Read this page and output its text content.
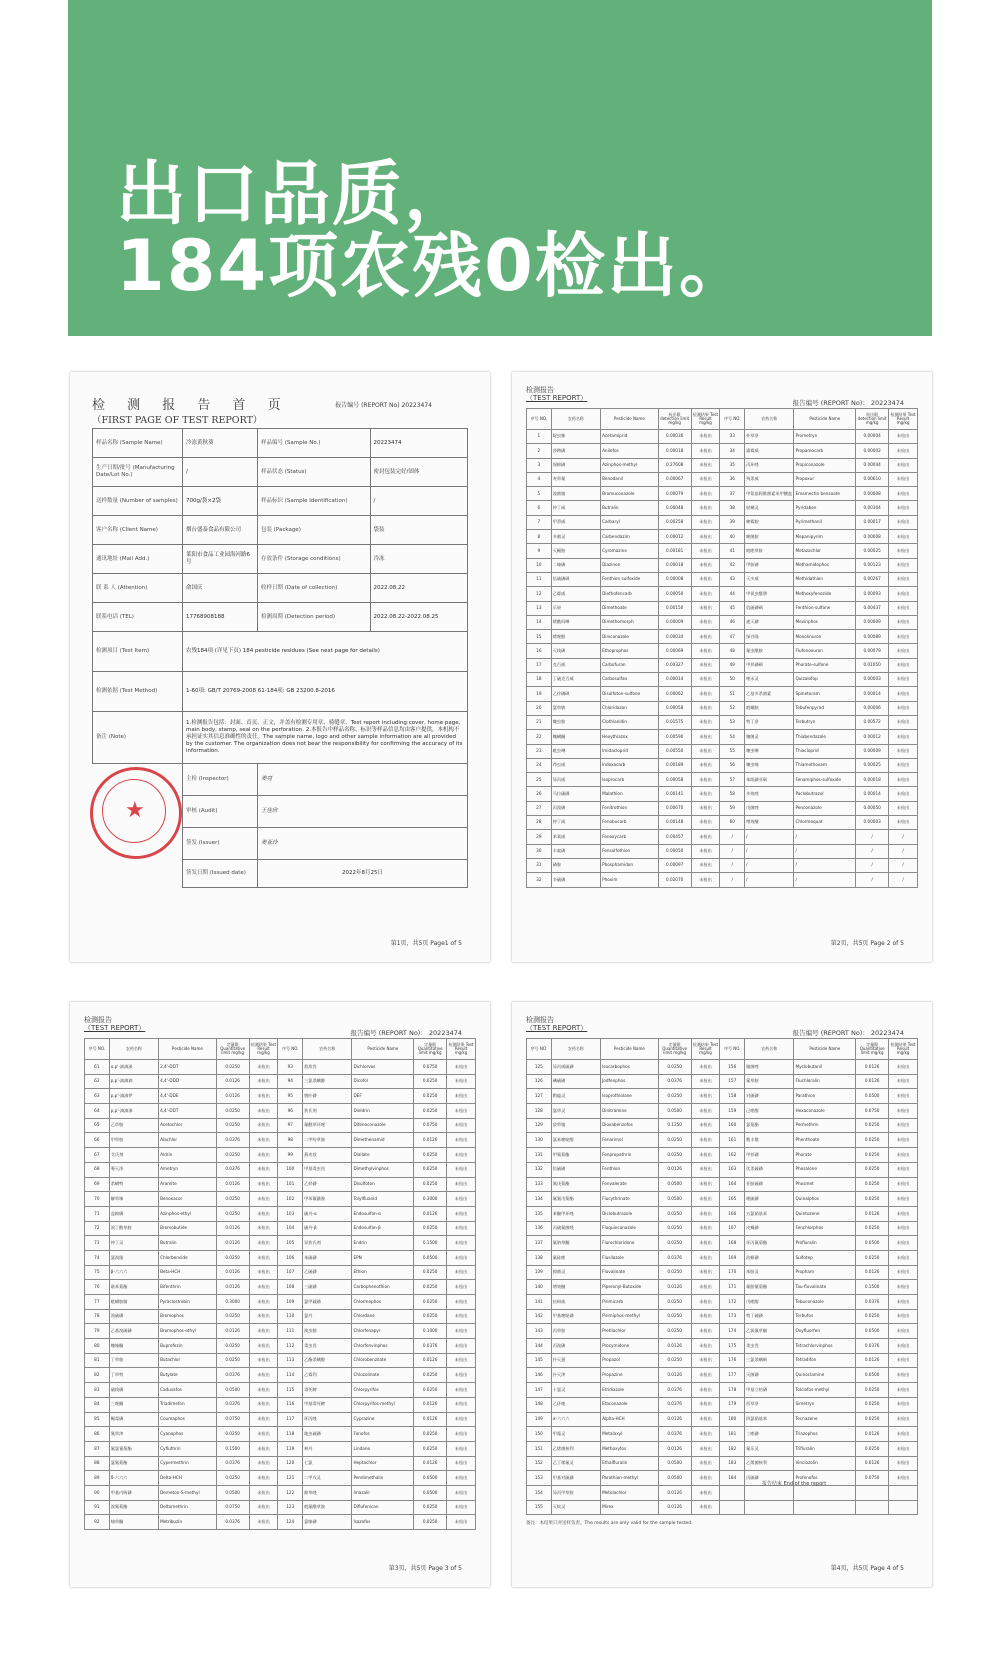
出口品质，
184项农残0检出。
检 测 报 告 首 页
（FIRST PAGE OF TEST REPORT）
报告编号 (REPORT No) 20223474
样品名称 (Sample Name)	冷冻黄秋葵	样品编号 (Sample No.)	20223474
生产日期/批号 (Manufacturing Date/Lot No.)	/	样品状态 (Status)	密封包装完好/固体
送样数量 (Number of samples)	700g/袋×2袋	样品标识 (Sample Identification)	/
客户名称 (Client Name)	烟台盛泰食品有限公司	包装 (Package)	袋装
通讯地址 (Mail Add.)	莱阳市食品工业园海河路6号	存放条件 (Storage conditions)	冷冻
联 系 人 (Attention)	俞国庆	收样日期 (Date of collection)	2022.08.22
联系电话 (TEL)	17768908188	检测周期 (Detection period)	2022.08.22-2022.08.25
检测项目 (Test Item)	农残184项 (详见下页) 184 pesticide residues (See next page for details)		
检测依据 (Test Method)	1-60项: GB/T 20769-2008 61-184项: GB 23200.8-2016		
备注 (Note)	1.检测报告包括：封面、首页、正文，并盖有检测专用章、骑缝章。Test report including:cover, home page, main body, stamp, seal on the perforation. 2.本报告中样品名称、标识等样品信息均由客户提供，本机构不承担证实其信息准确性的责任。The sample name, logo and other sample information are all provided by the customer. The organization does not bear the responsibility for confirming the accuracy of its information.		
	主检 (Inspector)	姜亮	
	审核 (Audit)	王佳欣	
	签发 (Issuer)	姜亚玲	
	签发日期 (Issued date)	2022年8月25日	
★
第1页，共5页 Page1 of 5
检测报告
（TEST REPORT）
报告编号 (REPORT No)： 20223474
序号 NO.	农药名称	Pesticide Name	检出限 detection limit mg/kg	检测结果 Test Result mg/kg	序号 NO.	农药名称	Pesticide Name	检出限 detection limit mg/kg	检测结果 Test Result mg/kg
1	啶虫脒	Acetamiprid	0.00036	未检出	33	扑草净	Prometryn	0.00004	未检出
2	莎稗磷	Anilofos	0.00018	未检出	34	霜霉威	Propamocarb	0.00002	未检出
3	保棉磷	Azinphos-methyl	0.27608	未检出	35	丙环唑	Propiconazole	0.00044	未检出
4	麦草氟	Benodanil	0.00067	未检出	36	残杀威	Propoxur	0.00610	未检出
5	溴菌腈	Bromuconazole	0.00079	未检出	37	甲氨基阿维菌素苯甲酸盐	Emamectin benzoate	0.00008	未检出
6	仲丁威	Butralin	0.00048	未检出	38	哒螨灵	Pyridaben	0.00304	未检出
7	甲萘威	Carbaryl	0.00258	未检出	39	嘧霉胺	Pyrimethanil	0.00017	未检出
8	多菌灵	Carbendazim	0.00012	未检出	40	嘧菌胺	Mepanipyrim	0.00008	未检出
9	灭蝇胺	Cyromazine	0.00181	未检出	41	吡唑草胺	Metazachlor	0.00025	未检出
10	二嗪磷	Diazinon	0.00018	未检出	42	甲胺磷	Methamidophos	0.00123	未检出
11	倍硫磷砜	Fenthion sulfoxide	0.00008	未检出	43	灭多威	Methidathion	0.00267	未检出
12	乙霉威	Diethofencarb	0.00050	未检出	44	甲氧虫酰肼	Methoxyfenozide	0.00093	未检出
13	乐果	Dimethoate	0.00150	未检出	45	倍硫磷砜	Fenthion-sulfone	0.00437	未检出
14	烯酰吗啉	Dimethomorph	0.00009	未检出	46	速灭磷	Mevinphos	0.00009	未检出
15	烯唑醇	Diniconazole	0.00034	未检出	47	绿谷隆	Monolinuron	0.00089	未检出
16	灭线磷	Ethoprophos	0.00069	未检出	48	氟虫酰胺	Flufenoxuron	0.00079	未检出
17	克百威	Carbofuran	0.00327	未检出	49	甲拌磷砜	Phorate-sulfone	0.01050	未检出
18	丁硫克百威	Carbosulfan	0.00014	未检出	50	喹禾灵	Quizalofop	0.00003	未检出
19	乙拌磷砜	Disulfoton-sulfone	0.00062	未检出	51	乙基多杀菌素	Spinetoram	0.00014	未检出
20	氯草敏	Chloridazon	0.00058	未检出	52	吡螨胺	Tebufenpyrad	0.00006	未检出
21	噻虫胺	Clothianidin	0.01575	未检出	53	特丁净	Terbutryn	0.00572	未检出
22	噻螨酮	Hexythiazox	0.00590	未检出	54	噻菌灵	Thiabendazole	0.00012	未检出
23	吡虫啉	Imidacloprid	0.00550	未检出	55	噻虫啉	Thiacloprid	0.00009	未检出
24	茚虫威	Indoxacarb	0.00189	未检出	56	噻虫嗪	Thiamethoxam	0.00025	未检出
25	异丙威	Isoprocarb	0.00058	未检出	57	苯线磷亚砜	Fenamiphos-sulfoxide	0.00018	未检出
26	马拉硫磷	Malathion	0.00141	未检出	58	多效唑	Paclobutrazol	0.00014	未检出
27	丙溴磷	Fenitrothion	0.00670	未检出	59	戊菌唑	Penconazole	0.00050	未检出
28	仲丁威	Fenobucarb	0.00148	未检出	60	增效醚	Chlormequat	0.00003	未检出
29	苯氧威	Fenoxycarb	0.00457	未检出	/	/	/	/	/
30	丰索磷	Fensulfothion	0.00050	未检出	/	/	/	/	/
31	磷胺	Phosphamidon	0.00097	未检出	/	/	/	/	/
32	辛硫磷	Phoxim	0.02070	未检出	/	/	/	/	/
第2页，共5页 Page 2 of 5
检测报告
（TEST REPORT）
报告编号 (REPORT No)： 20223474
序号 NO.	农药名称	Pesticide Name	定量限 Quantitative limit mg/kg	检测结果 Test Result mg/kg	序号 NO.	农药名称	Pesticide Name	定量限 Quantitative limit mg/kg	检测结果 Test Result mg/kg
61	o,p'-滴滴涕	2,4'-DDT	0.0250	未检出	93	敌敌畏	Dichlorvos	0.0750	未检出
62	p,p'-滴滴滴	4,4'-DDD	0.0126	未检出	94	三氯杀螨醇	Dicofol	0.0250	未检出
63	p,p'-滴滴伊	4,4'-DDE	0.0126	未检出	95	脱叶磷	DEF	0.0250	未检出
64	p,p'-滴滴涕	4,4'-DDT	0.0250	未检出	96	狄氏剂	Dieldrin	0.0250	未检出
65	乙草胺	Acetochlor	0.0250	未检出	97	氟酰草环唑	Difenoconazole	0.0750	未检出
66	甲草胺	Alachlor	0.0376	未检出	98	二甲吩草胺	Dimethenamid	0.0126	未检出
67	艾氏剂	Aldrin	0.0250	未检出	99	燕麦敌	Diallate	0.0250	未检出
68	莠灭净	Ametryn	0.0376	未检出	100	甲基毒虫畏	Dimethylvinphos	0.0250	未检出
69	杀螨特	Aramite	0.0126	未检出	101	乙拌磷	Disulfoton	0.0250	未检出
70	解草嗪	Benoxacor	0.0250	未检出	102	甲苯氟磺胺	Tolylfluanid	0.3000	未检出
71	益棉磷	Azinphos-ethyl	0.0250	未检出	103	硫丹-α	Endosulfan-α	0.0126	未检出
72	溴丁酰草胺	Bromobutide	0.0126	未检出	104	硫丹-β	Endosulfan-β	0.0250	未检出
73	仲丁灵	Butralin	0.0126	未检出	105	异狄氏剂	Endrin	0.1500	未检出
74	氯溴隆	Chlorbenside	0.0250	未检出	106	苯硫磷	EPN	0.0500	未检出
75	β-六六六	Beta-HCH	0.0126	未检出	107	乙硫磷	Ethion	0.0250	未检出
76	联苯菊酯	Bifenthrin	0.0126	未检出	108	三硫磷	Carbophenothion	0.0250	未检出
77	吡螨胺腈	Pyraclostrobin	0.3000	未检出	109	氯甲硫磷	Chlormephos	0.0250	未检出
78	溴硫磷	Bromophos	0.0250	未检出	110	氯丹	Chlordane	0.0250	未检出
79	乙基溴硫磷	Bromophos-ethyl	0.0126	未检出	111	溴虫腈	Chlorfenapyr	0.1000	未检出
80	噻嗪酮	Buprofezin	0.0250	未检出	112	毒虫畏	Chlorfenvinphos	0.0376	未检出
81	丁草胺	Butachlor	0.0250	未检出	113	乙酯杀螨醇	Chlorobenzilate	0.0126	未检出
82	丁草特	Butylate	0.0376	未检出	114	乙霉利	Chlozolinate	0.0250	未检出
83	硫线磷	Cadusafos	0.0500	未检出	115	毒死蜱	Chlorpyrifos	0.0250	未检出
84	三唑酮	Triadimefon	0.0376	未检出	116	甲基毒死蜱	Chlorpyrifos-methyl	0.0126	未检出
85	蝇毒磷	Coumaphos	0.0750	未检出	117	环丙唑	Cyprazine	0.0126	未检出
86	氰草津	Cyanophos	0.0250	未检出	118	地虫硫磷	Fonofos	0.0250	未检出
87	氟氯氰菊酯	Cyfluthrin	0.1500	未检出	119	林丹	Lindane	0.0250	未检出
88	氯氰菊酯	Cypermethrin	0.0376	未检出	120	七氯	Heptachlor	0.0126	未检出
89	δ-六六六	Delta-HCH	0.0250	未检出	121	二甲戊灵	Pendimethalin	0.0500	未检出
90	甲基内吸磷	Demeton-S-methyl	0.0500	未检出	122	抑草唑	Imazalil	0.0500	未检出
91	溴氰菊酯	Deltamethrin	0.0750	未检出	123	吡氟酰草胺	Diflufenican	0.0250	未检出
92	嗪草酮	Metribuzin	0.0376	未检出	124	氯嗪磷	Isazofos	0.0250	未检出
第3页，共5页 Page 3 of 5
检测报告
（TEST REPORT）
报告编号 (REPORT No)： 20223474
序号 NO.	农药名称	Pesticide Name	定量限 Quantitative limit mg/kg	检测结果 Test Result mg/kg	序号 NO.	农药名称	Pesticide Name	定量限 Quantitative limit mg/kg	检测结果 Test Result mg/kg
125	异丙威硫磷	Isocarbophos	0.0250	未检出	156	腈菌唑	Myclobutanil	0.0126	未检出
126	碘硫磷	Jodfenphos	0.0376	未检出	157	氟草胺	Fluchloralin	0.0126	未检出
127	稻瘟灵	Isoprothiolane	0.0250	未检出	158	对硫磷	Parathion	0.0500	未检出
128	氯草灵	Dinitramine	0.0500	未检出	159	己唑醇	Hexaconazole	0.0750	未检出
129	敌草腈	Dioxabenzofos	0.1250	未检出	160	氯菊酯	Permethrin	0.0250	未检出
130	氯苯嘧啶醇	Fenarimol	0.0250	未检出	161	稻丰散	Phenthoate	0.0250	未检出
131	甲氰菊酯	Fenpropathrin	0.0250	未检出	162	甲拌磷	Phorate	0.0250	未检出
132	倍硫磷	Fenthion	0.0126	未检出	163	伏杀硫磷	Phosalone	0.0250	未检出
133	氰戊菊酯	Fenvalerate	0.0500	未检出	164	亚胺硫磷	Phosmet	0.0250	未检出
134	氟氰戊菊酯	Flucythrinate	0.0500	未检出	165	喹硫磷	Quinalphos	0.0250	未检出
135	苯醚甲环唑	Diclobutrazole	0.0250	未检出	166	五氯硝基苯	Quintozene	0.0126	未检出
136	丙硫氟菌唑	Fluquinconazole	0.0250	未检出	167	皮蝇磷	Fenchlorphos	0.0250	未检出
137	氟咯草酮	Flurochloridone	0.0250	未检出	168	环丙氟菊酯	Profluralin	0.0500	未检出
138	氟硅唑	Flusilazole	0.0376	未检出	169	治螟磷	Sulfotep	0.0250	未检出
139	抑菌灵	Fluvalinate	0.0250	未检出	170	苯胺灵	Propham	0.0126	未检出
140	增效醚	Piperonyl-Butoxide	0.0126	未检出	171	氟胺氰菊酯	Tau-fluvalinate	0.1500	未检出
141	抗蚜威	Pirimicarb	0.0250	未检出	172	戊唑醇	Tebuconazole	0.0376	未检出
142	甲基嘧啶磷	Pirimiphos-methyl	0.0250	未检出	173	特丁硫磷	Terbufos	0.0250	未检出
143	丙草胺	Pretilachlor	0.0250	未检出	174	乙氧氟草醚	Oxyfluorfen	0.0500	未检出
144	丙溴磷	Procymidone	0.0126	未检出	175	杀虫畏	Tetrachlorvinphos	0.0376	未检出
145	扑灭通	Propazol	0.0250	未检出	176	三氯杀螨砜	Tetradifon	0.0126	未检出
146	扑灭津	Propazine	0.0126	未检出	177	灭菌磷	Quinoclamine	0.0500	未检出
147	十氯灵	Etridiazole	0.0376	未检出	178	甲基立枯磷	Tolclofos-methyl	0.0250	未检出
148	乙环唑	Etaconazole	0.0376	未检出	179	西草净	Simetryn	0.0250	未检出
149	α-六六六	Alpha-HCH	0.0126	未检出	180	四氯硝基苯	Tecnazene	0.0250	未检出
150	甲霜灵	Metalaxyl	0.0376	未检出	181	三唑磷	Triazophos	0.0126	未检出
151	乙烯菌核利	Methoxyfos	0.0126	未检出	182	氟乐灵	Trifluralin	0.0250	未检出
152	乙丁烯氟灵	Ethalfluralin	0.0500	未检出	183	乙烯菌核利	Vinclozolin	0.0126	未检出
153	甲基对硫磷	Parathion-methyl	0.0500	未检出	184	丙硫磷	Profenofos	0.0750	未检出
154	异丙甲草胺	Metolachlor	0.0126	未检出					
155	灭蚁灵	Mirex	0.0126	未检出					
报告结束 End of the report
备注：本结果只对送样负责。The results are only valid for the sample tested.
第4页，共5页 Page 4 of 5
